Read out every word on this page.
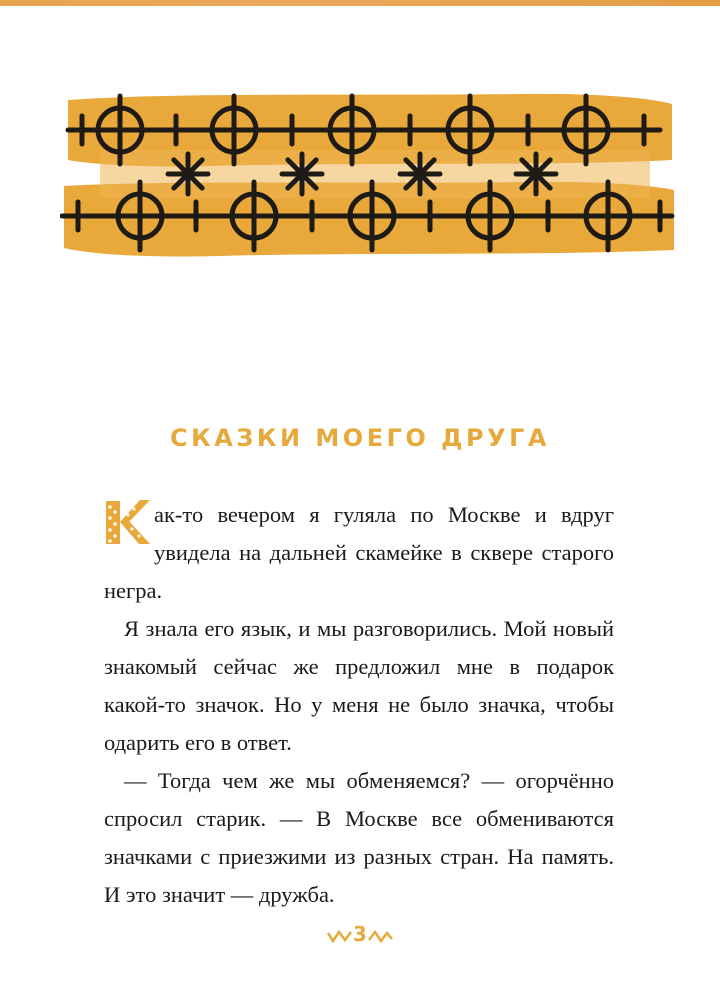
СКАЗКИ МОЕГО ДРУГА

ак-то вечером я гуляла по Москве и вдруг увидела на дальней скамейке в сквере старого негра.

Я знала его язык, и мы разговорились. Мой новый знакомый сейчас же предложил мне в подарок какой-то значок. Но у меня не было значка, чтобы одарить его в ответ.

— Тогда чем же мы обменяемся? — огорчённо спросил старик. — В Москве все обмениваются значками с приезжими из разных стран. На память. И это значит — дружба.

3
